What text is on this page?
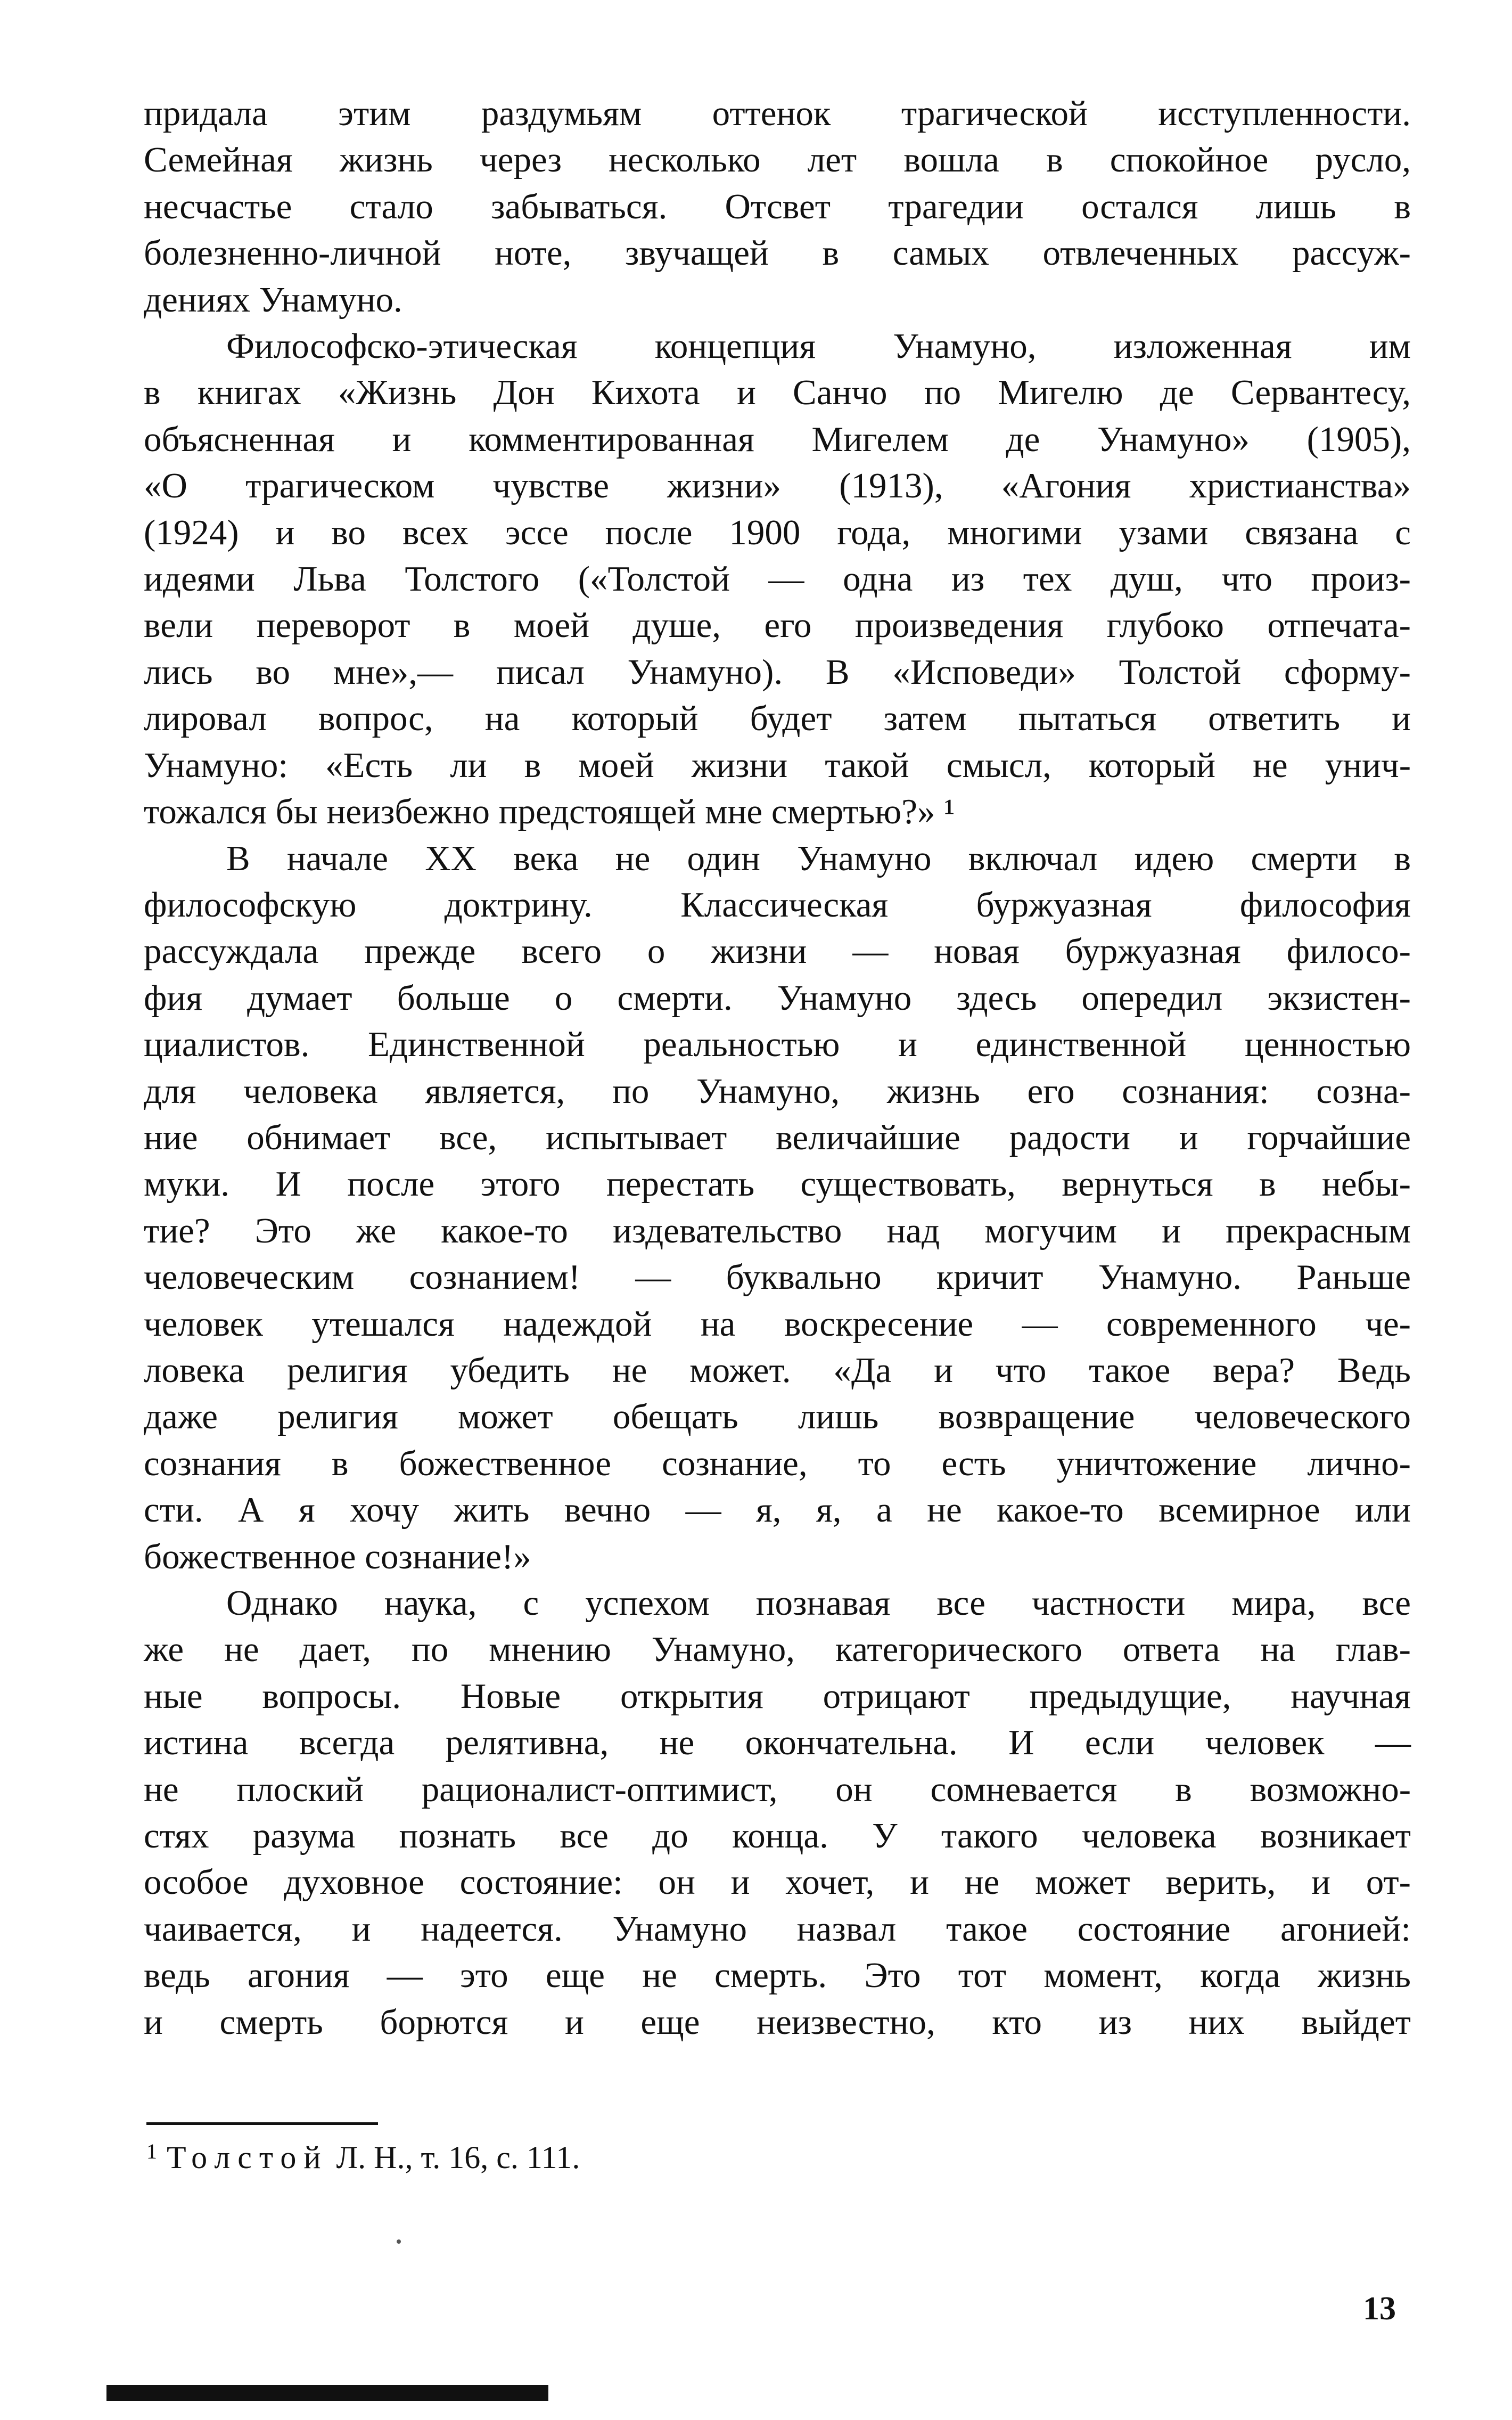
придала этим раздумьям оттенок трагической исступленности.
Семейная жизнь через несколько лет вошла в спокойное русло,
несчастье стало забываться. Отсвет трагедии остался лишь в
болезненно-личной ноте, звучащей в самых отвлеченных рассуж-
дениях Унамуно.

Философско-этическая концепция Унамуно, изложенная им
в книгах «Жизнь Дон Кихота и Санчо по Мигелю де Сервантесу,
объясненная и комментированная Мигелем де Унамуно» (1905),
«О трагическом чувстве жизни» (1913), «Агония христианства»
(1924) и во всех эссе после 1900 года, многими узами связана с
идеями Льва Толстого («Толстой — одна из тех душ, что произ-
вели переворот в моей душе, его произведения глубоко отпечата-
лись во мне»,— писал Унамуно). В «Исповеди» Толстой сформу-
лировал вопрос, на который будет затем пытаться ответить и
Унамуно: «Есть ли в моей жизни такой смысл, который не унич-
тожался бы неизбежно предстоящей мне смертью?» ¹

В начале XX века не один Унамуно включал идею смерти в
философскую доктрину. Классическая буржуазная философия
рассуждала прежде всего о жизни — новая буржуазная филосо-
фия думает больше о смерти. Унамуно здесь опередил экзистен-
циалистов. Единственной реальностью и единственной ценностью
для человека является, по Унамуно, жизнь его сознания: созна-
ние обнимает все, испытывает величайшие радости и горчайшие
муки. И после этого перестать существовать, вернуться в небы-
тие? Это же какое-то издевательство над могучим и прекрасным
человеческим сознанием! — буквально кричит Унамуно. Раньше
человек утешался надеждой на воскресение — современного че-
ловека религия убедить не может. «Да и что такое вера? Ведь
даже религия может обещать лишь возвращение человеческого
сознания в божественное сознание, то есть уничтожение лично-
сти. А я хочу жить вечно — я, я, а не какое-то всемирное или
божественное сознание!»

Однако наука, с успехом познавая все частности мира, все
же не дает, по мнению Унамуно, категорического ответа на глав-
ные вопросы. Новые открытия отрицают предыдущие, научная
истина всегда релятивна, не окончательна. И если человек —
не плоский рационалист-оптимист, он сомневается в возможно-
стях разума познать все до конца. У такого человека возникает
особое духовное состояние: он и хочет, и не может верить, и от-
чаивается, и надеется. Унамуно назвал такое состояние агонией:
ведь агония — это еще не смерть. Это тот момент, когда жизнь
и смерть борются и еще неизвестно, кто из них выйдет

$^1$ Толстой Л. Н., т. 16, с. 111.
13
